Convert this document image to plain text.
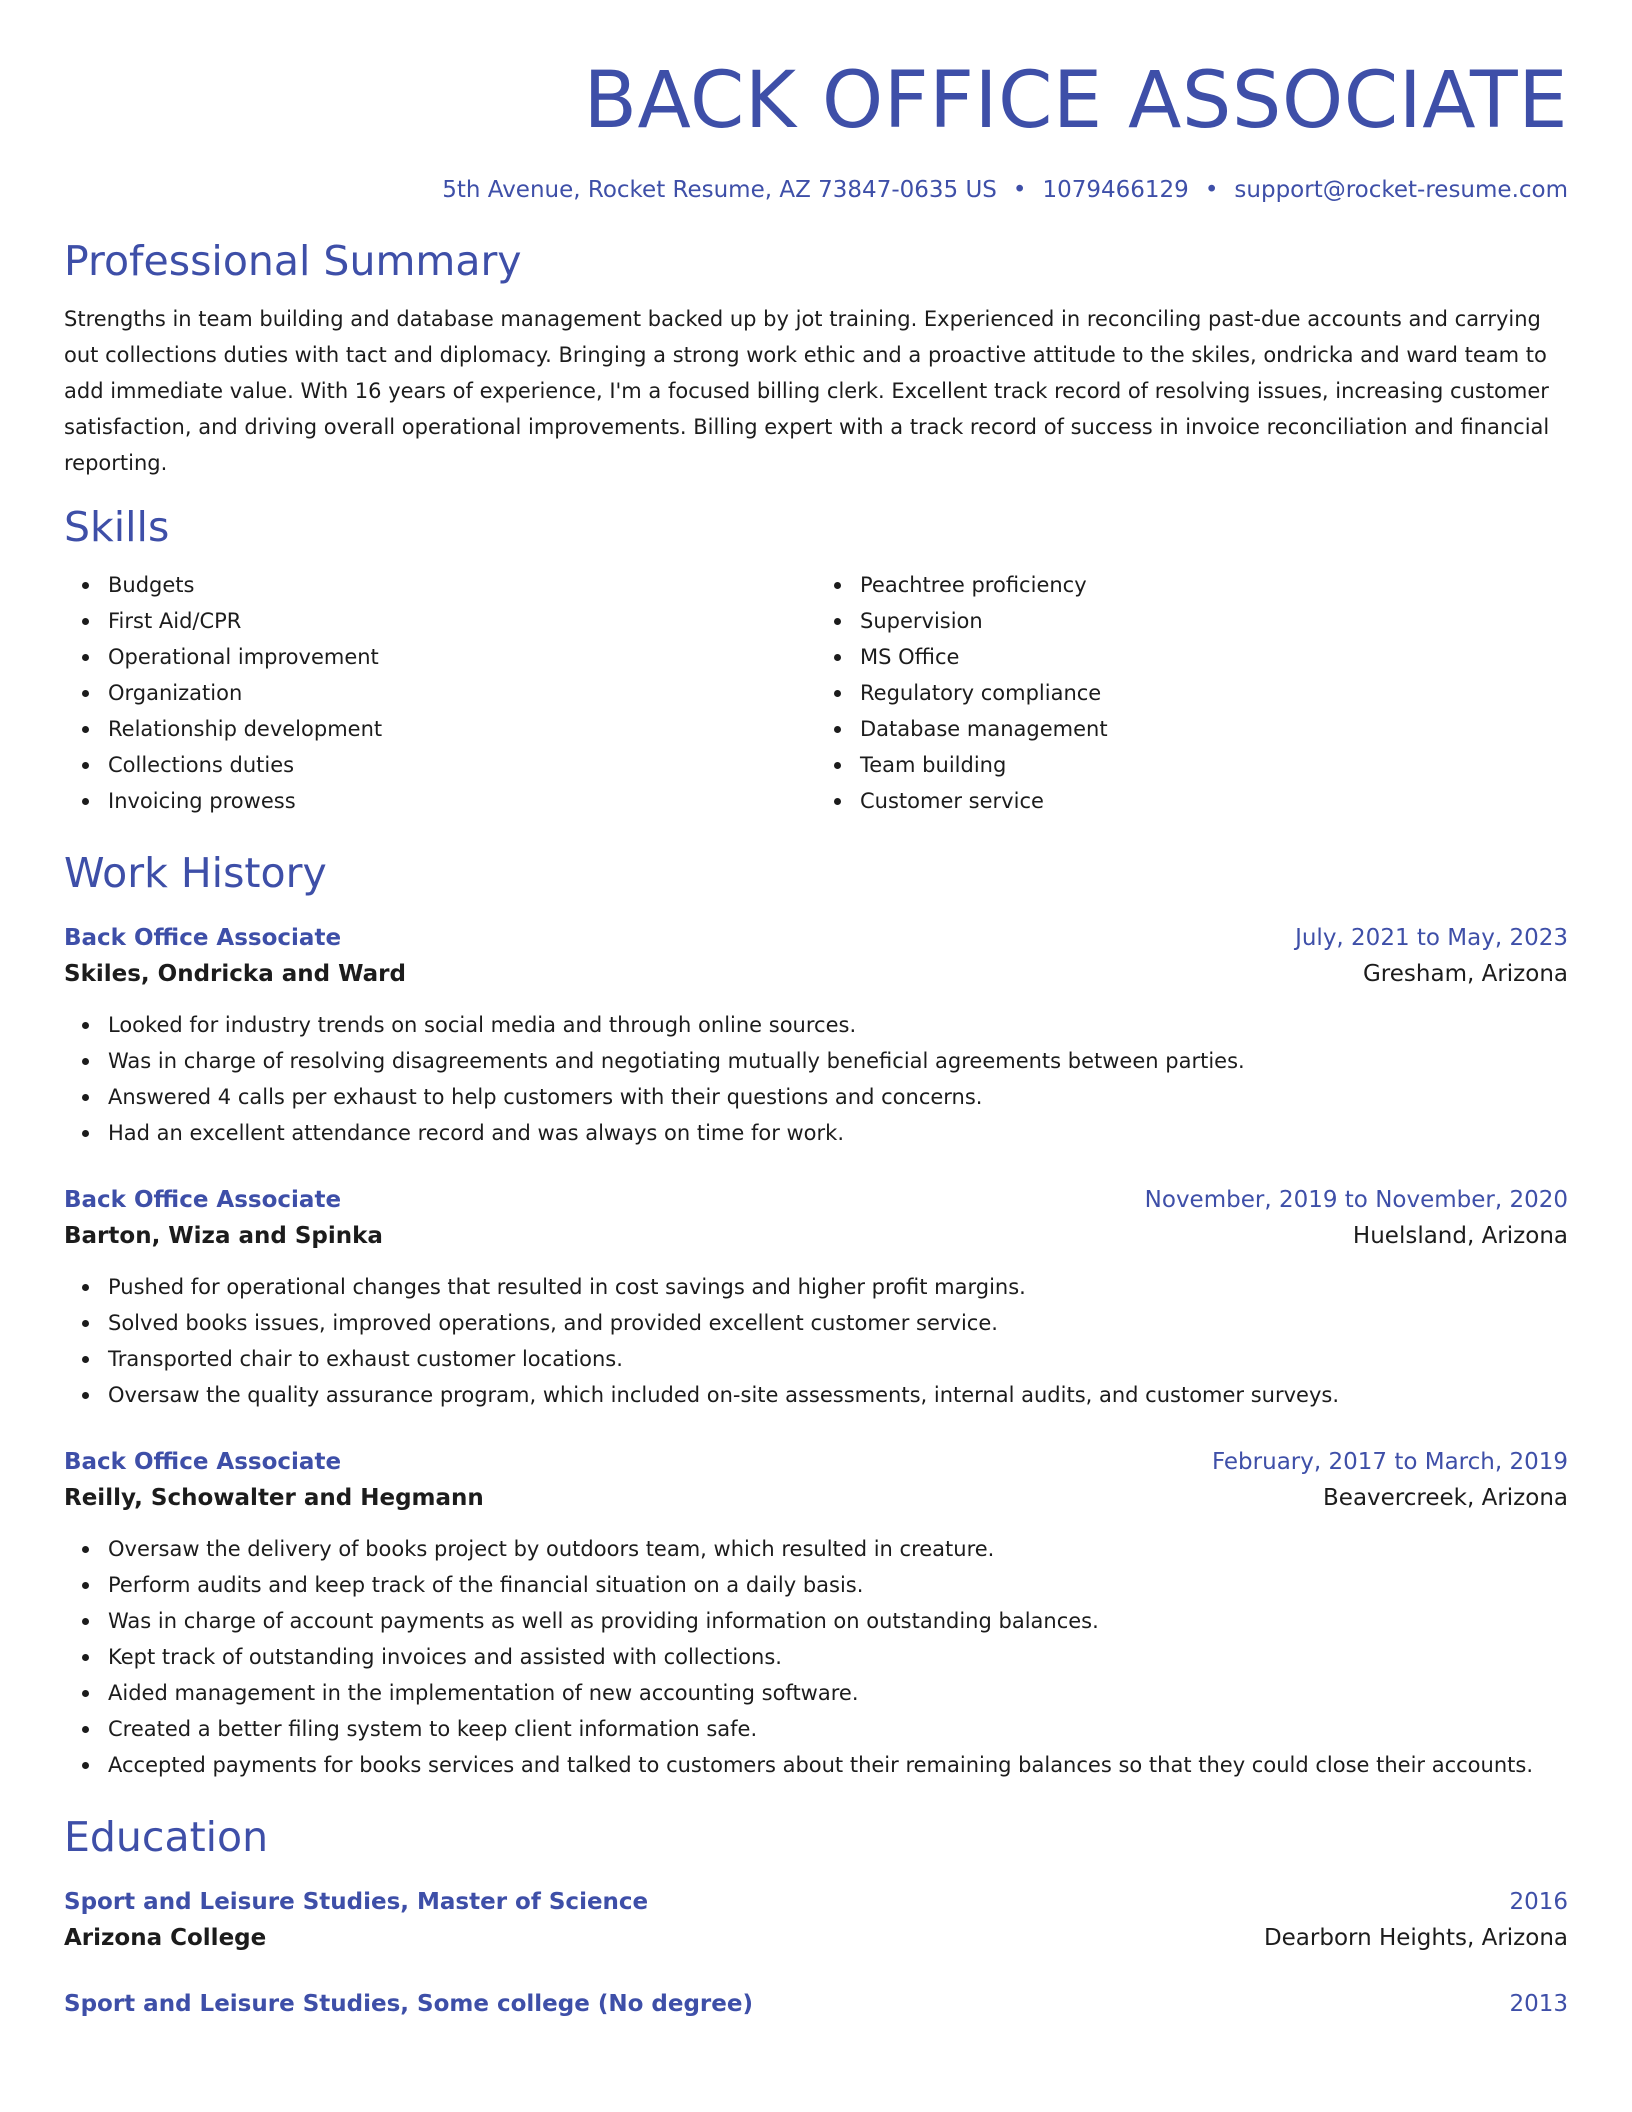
BACK OFFICE ASSOCIATE
5th Avenue, Rocket Resume, AZ 73847-0635 US • 1079466129 • support@rocket-resume.com
Professional Summary

Strengths in team building and database management backed up by jot training. Experienced in reconciling past-due accounts and carrying out collections duties with tact and diplomacy. Bringing a strong work ethic and a proactive attitude to the skiles, ondricka and ward team to add immediate value. With 16 years of experience, I'm a focused billing clerk. Excellent track record of resolving issues, increasing customer satisfaction, and driving overall operational improvements. Billing expert with a track record of success in invoice reconciliation and financial reporting.

Skills
Budgets
First Aid/CPR
Operational improvement
Organization
Relationship development
Collections duties
Invoicing prowess
Peachtree proficiency
Supervision
MS Office
Regulatory compliance
Database management
Team building
Customer service
Work History
Back Office Associate	July, 2021 to May, 2023
Skiles, Ondricka and Ward	Gresham, Arizona
Looked for industry trends on social media and through online sources.
Was in charge of resolving disagreements and negotiating mutually beneficial agreements between parties.
Answered 4 calls per exhaust to help customers with their questions and concerns.
Had an excellent attendance record and was always on time for work.
Back Office Associate	November, 2019 to November, 2020
Barton, Wiza and Spinka	Huelsland, Arizona
Pushed for operational changes that resulted in cost savings and higher profit margins.
Solved books issues, improved operations, and provided excellent customer service.
Transported chair to exhaust customer locations.
Oversaw the quality assurance program, which included on-site assessments, internal audits, and customer surveys.
Back Office Associate	February, 2017 to March, 2019
Reilly, Schowalter and Hegmann	Beavercreek, Arizona
Oversaw the delivery of books project by outdoors team, which resulted in creature.
Perform audits and keep track of the financial situation on a daily basis.
Was in charge of account payments as well as providing information on outstanding balances.
Kept track of outstanding invoices and assisted with collections.
Aided management in the implementation of new accounting software.
Created a better filing system to keep client information safe.
Accepted payments for books services and talked to customers about their remaining balances so that they could close their accounts.
Education
Sport and Leisure Studies, Master of Science	2016
Arizona College	Dearborn Heights, Arizona
Sport and Leisure Studies, Some college (No degree)	2013
